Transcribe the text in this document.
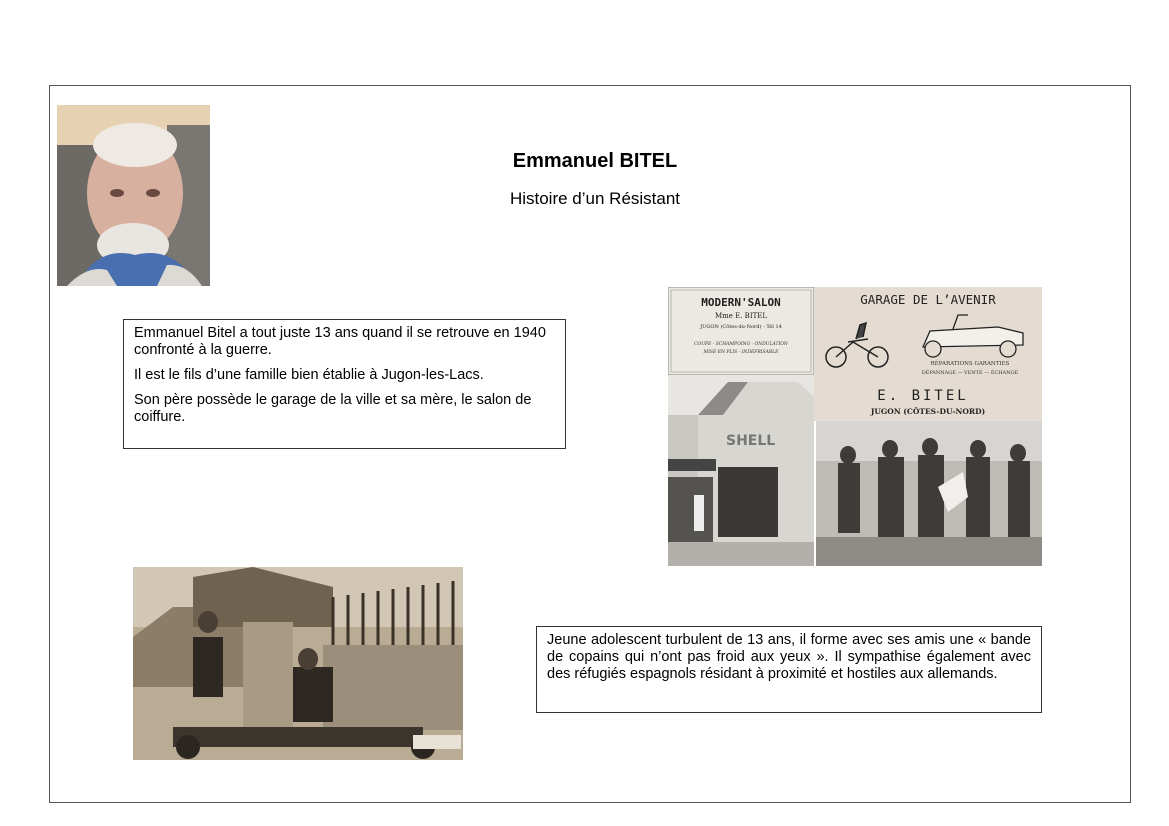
Emmanuel BITEL
Histoire d’un Résistant

Emmanuel Bitel a tout juste 13 ans quand il se retrouve en 1940 confronté à la guerre.

Il est le fils d’une famille bien établie à Jugon-les-Lacs.

Son père possède le garage de la ville et sa mère, le salon de coiffure.

MODERN'SALON
Mme E. BITEL
JUGON (Côtes-du-Nord) - Tél 14
COUPE - SCHAMPOING - ONDULATION
MISE EN PLIS - INDÉFRISABLE
GARAGE DE L’AVENIR
RÉPARATIONS GARANTIES
DÉPANNAGE — VENTE — ÉCHANGE
E. BITEL
JUGON (CÔTES-DU-NORD)
SHELL

Jeune adolescent turbulent de 13 ans, il forme avec ses amis une « bande de copains qui n’ont pas froid aux yeux ». Il sympathise également avec des réfugiés espagnols résidant à proximité et hostiles aux allemands.
